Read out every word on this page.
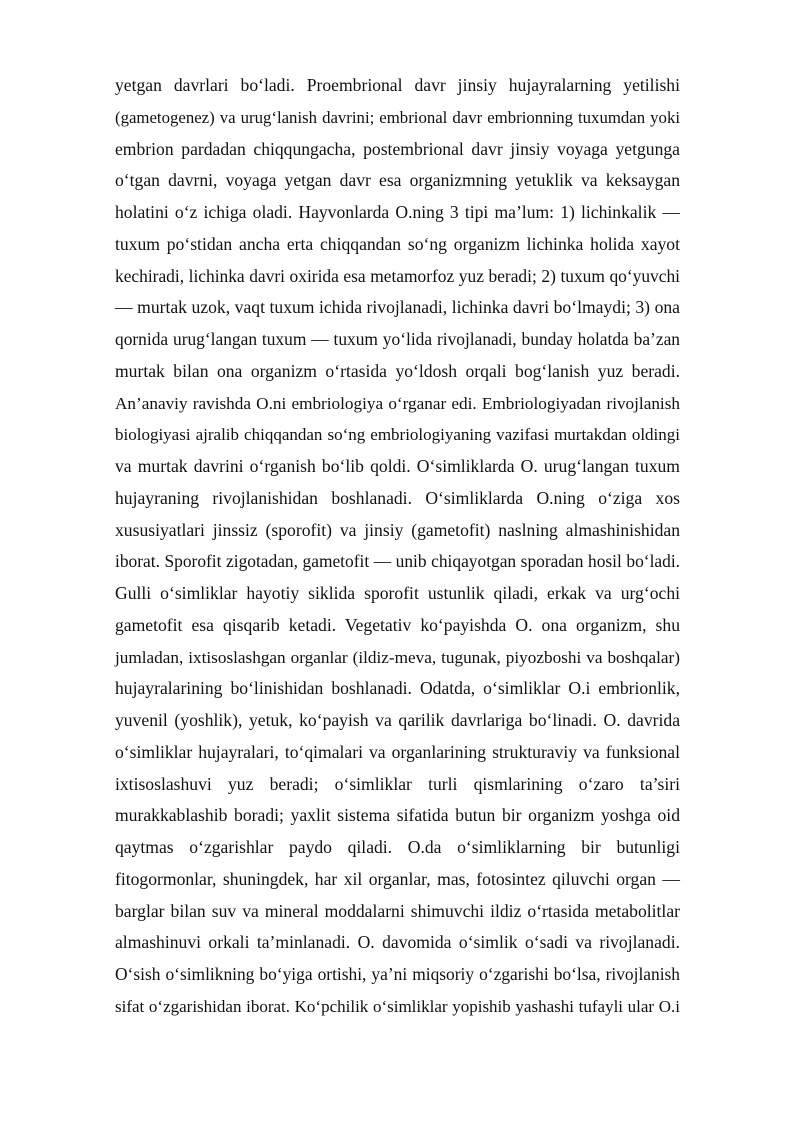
yetgan davrlari bo‘ladi. Proembrional davr jinsiy hujayralarning yetilishi
(gametogenez) va urug‘lanish davrini; embrional davr embrionning tuxumdan yoki
embrion pardadan chiqqungacha, postembrional davr jinsiy voyaga yetgunga
o‘tgan davrni, voyaga yetgan davr esa organizmning yetuklik va keksaygan
holatini o‘z ichiga oladi. Hayvonlarda O.ning 3 tipi ma’lum: 1) lichinkalik —
tuxum po‘stidan ancha erta chiqqandan so‘ng organizm lichinka holida xayot
kechiradi, lichinka davri oxirida esa metamorfoz yuz beradi; 2) tuxum qo‘yuvchi
— murtak uzok, vaqt tuxum ichida rivojlanadi, lichinka davri bo‘lmaydi; 3) ona
qornida urug‘langan tuxum — tuxum yo‘lida rivojlanadi, bunday holatda ba’zan
murtak bilan ona organizm o‘rtasida yo‘ldosh orqali bog‘lanish yuz beradi.
An’anaviy ravishda O.ni embriologiya o‘rganar edi. Embriologiyadan rivojlanish
biologiyasi ajralib chiqqandan so‘ng embriologiyaning vazifasi murtakdan oldingi
va murtak davrini o‘rganish bo‘lib qoldi. O‘simliklarda O. urug‘langan tuxum
hujayraning rivojlanishidan boshlanadi. O‘simliklarda O.ning o‘ziga xos
xususiyatlari jinssiz (sporofit) va jinsiy (gametofit) naslning almashinishidan
iborat. Sporofit zigotadan, gametofit — unib chiqayotgan sporadan hosil bo‘ladi.
Gulli o‘simliklar hayotiy siklida sporofit ustunlik qiladi, erkak va urg‘ochi
gametofit esa qisqarib ketadi. Vegetativ ko‘payishda O. ona organizm, shu
jumladan, ixtisoslashgan organlar (ildiz-meva, tugunak, piyozboshi va boshqalar)
hujayralarining bo‘linishidan boshlanadi. Odatda, o‘simliklar O.i embrionlik,
yuvenil (yoshlik), yetuk, ko‘payish va qarilik davrlariga bo‘linadi. O. davrida
o‘simliklar hujayralari, to‘qimalari va organlarining strukturaviy va funksional
ixtisoslashuvi yuz beradi; o‘simliklar turli qismlarining o‘zaro ta’siri
murakkablashib boradi; yaxlit sistema sifatida butun bir organizm yoshga oid
qaytmas o‘zgarishlar paydo qiladi. O.da o‘simliklarning bir butunligi
fitogormonlar, shuningdek, har xil organlar, mas, fotosintez qiluvchi organ —
barglar bilan suv va mineral moddalarni shimuvchi ildiz o‘rtasida metabolitlar
almashinuvi orkali ta’minlanadi. O. davomida o‘simlik o‘sadi va rivojlanadi.
O‘sish o‘simlikning bo‘yiga ortishi, ya’ni miqsoriy o‘zgarishi bo‘lsa, rivojlanish
sifat o‘zgarishidan iborat. Ko‘pchilik o‘simliklar yopishib yashashi tufayli ular O.i
